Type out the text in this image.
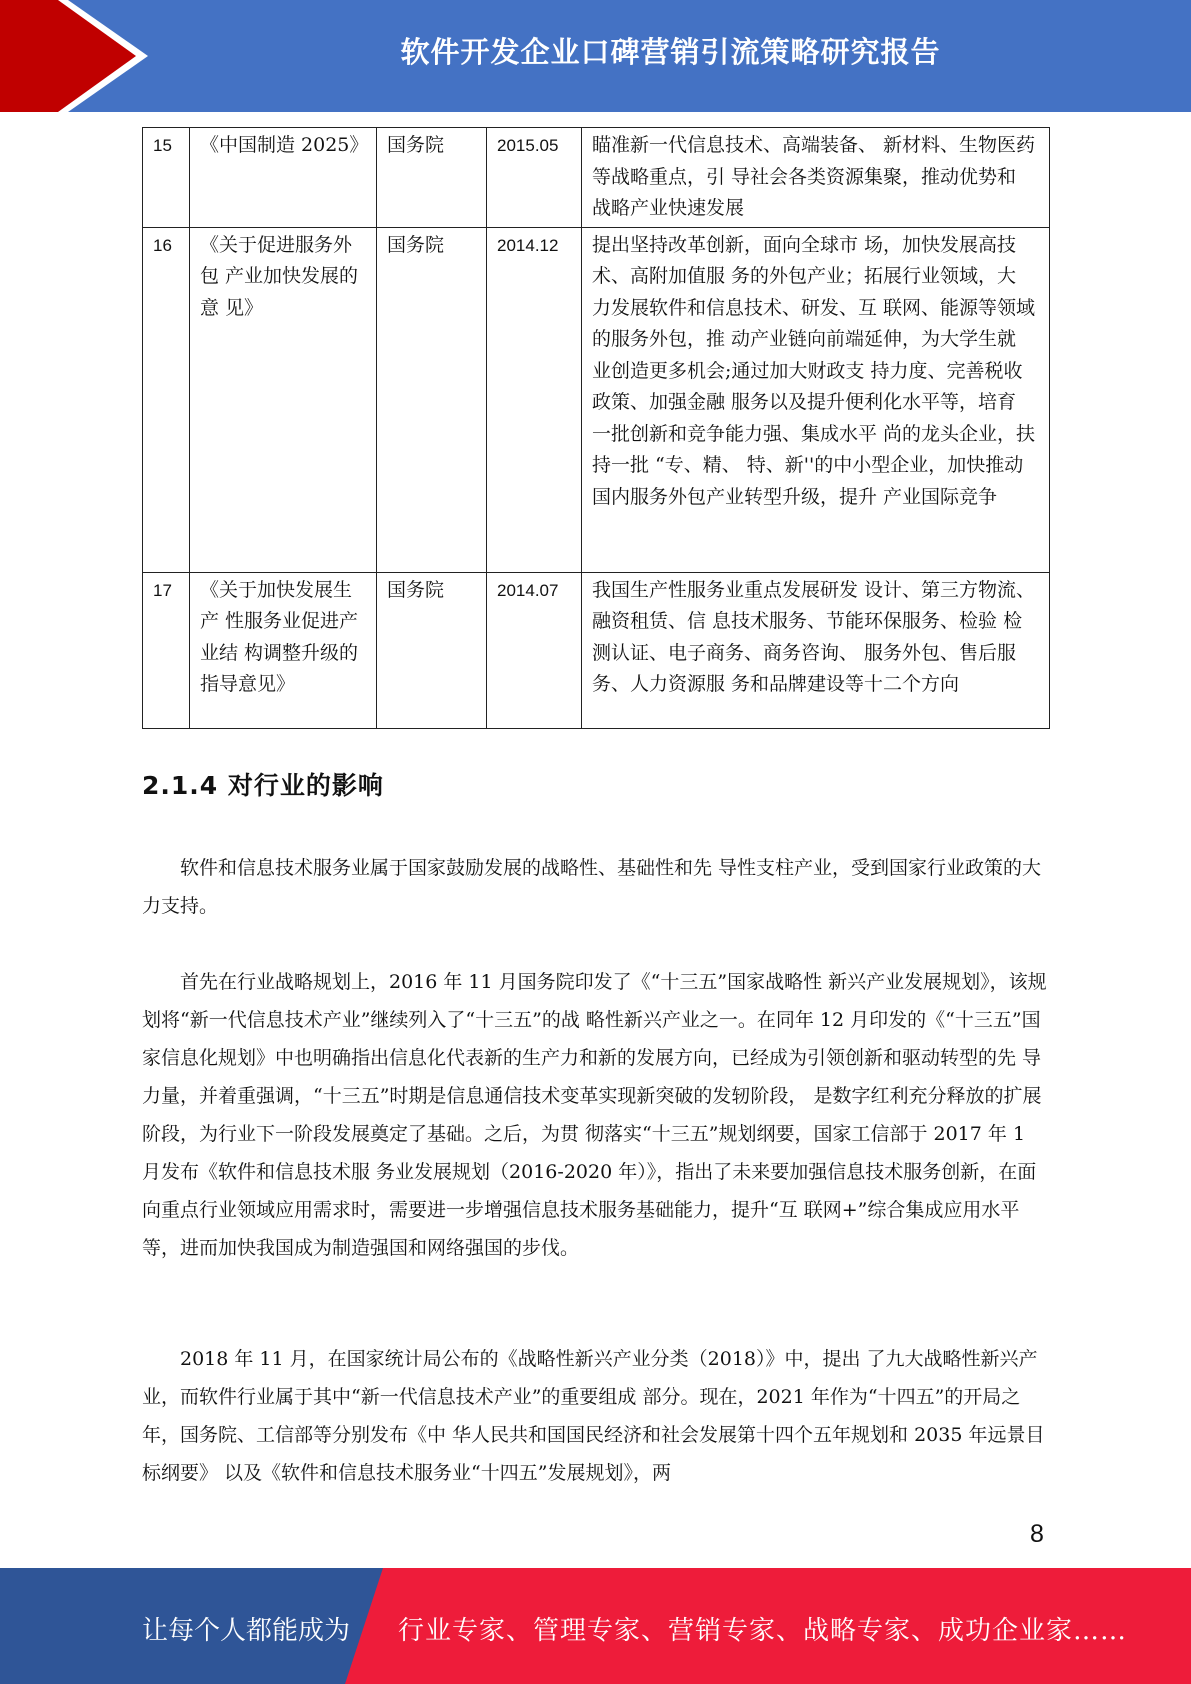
软件开发企业口碑营销引流策略研究报告
15	《中国制造 2025》	国务院	2015.05	瞄准新一代信息技术、高端装备、 新材料、生物医药等战略重点，引 导社会各类资源集聚，推动优势和 战略产业快速发展
16	《关于促进服务外包 产业加快发展的意 见》	国务院	2014.12	提出坚持改革创新，面向全球市 场，加快发展高技术、高附加值服 务的外包产业；拓展行业领域，大 力发展软件和信息技术、研发、互 联网、能源等领域的服务外包，推 动产业链向前端延伸，为大学生就 业创造更多机会;通过加大财政支 持力度、完善税收政策、加强金融 服务以及提升便利化水平等，培育 一批创新和竞争能力强、集成水平 尚的龙头企业，扶持一批 “专、精、 特、新''的中小型企业，加快推动国内服务外包产业转型升级，提升 产业国际竞争
17	《关于加快发展生产 性服务业促进产业结 构调整升级的指导意见》	国务院	2014.07	我国生产性服务业重点发展研发 设计、第三方物流、融资租赁、信 息技术服务、节能环保服务、检验 检测认证、电子商务、商务咨询、 服务外包、售后服务、人力资源服 务和品牌建设等十二个方向
2.1.4 对行业的影响

软件和信息技术服务业属于国家鼓励发展的战略性、基础性和先 导性支柱产业，受到国家行业政策的大力支持。

首先在行业战略规划上，2016 年 11 月国务院印发了《“十三五”国家战略性 新兴产业发展规划》，该规划将“新一代信息技术产业”继续列入了“十三五”的战 略性新兴产业之一。在同年 12 月印发的《“十三五”国家信息化规划》中也明确指出信息化代表新的生产力和新的发展方向，已经成为引领创新和驱动转型的先 导力量，并着重强调，“十三五”时期是信息通信技术变革实现新突破的发轫阶段， 是数字红利充分释放的扩展阶段，为行业下一阶段发展奠定了基础。之后，为贯 彻落实“十三五”规划纲要，国家工信部于 2017 年 1 月发布《软件和信息技术服 务业发展规划（2016-2020 年）》，指出了未来要加强信息技术服务创新，在面 向重点行业领域应用需求时，需要进一步增强信息技术服务基础能力，提升“互 联网+”综合集成应用水平等，进而加快我国成为制造强国和网络强国的步伐。

2018 年 11 月，在国家统计局公布的《战略性新兴产业分类（2018）》中，提出 了九大战略性新兴产业，而软件行业属于其中“新一代信息技术产业”的重要组成 部分。现在，2021 年作为“十四五”的开局之年，国务院、工信部等分别发布《中 华人民共和国国民经济和社会发展第十四个五年规划和 2035 年远景目标纲要》 以及《软件和信息技术服务业“十四五”发展规划》，两

8
让每个人都能成为 行业专家、管理专家、营销专家、战略专家、成功企业家……
